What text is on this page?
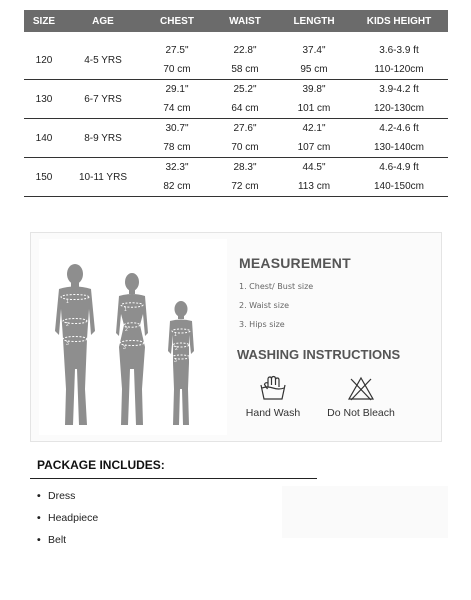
SIZE	AGE	CHEST	WAIST	LENGTH	KIDS HEIGHT

120	4-5 YRS	27.5"	22.8"	37.4"	3.6-3.9 ft
		70 cm	58 cm	95 cm	110-120cm
130	6-7 YRS	29.1"	25.2"	39.8"	3.9-4.2 ft
		74 cm	64 cm	101 cm	120-130cm
140	8-9 YRS	30.7"	27.6"	42.1"	4.2-4.6 ft
		78 cm	70 cm	107 cm	130-140cm
150	10-11 YRS	32.3"	28.3"	44.5"	4.6-4.9 ft
		82 cm	72 cm	113 cm	140-150cm
1
2
3
1
2
3
1
2
3
MEASUREMENT
1. Chest/ Bust size
2. Waist size
3. Hips size
WASHING INSTRUCTIONS
Hand Wash	Do Not Bleach
PACKAGE INCLUDES:
• Dress
• Headpiece
• Belt
